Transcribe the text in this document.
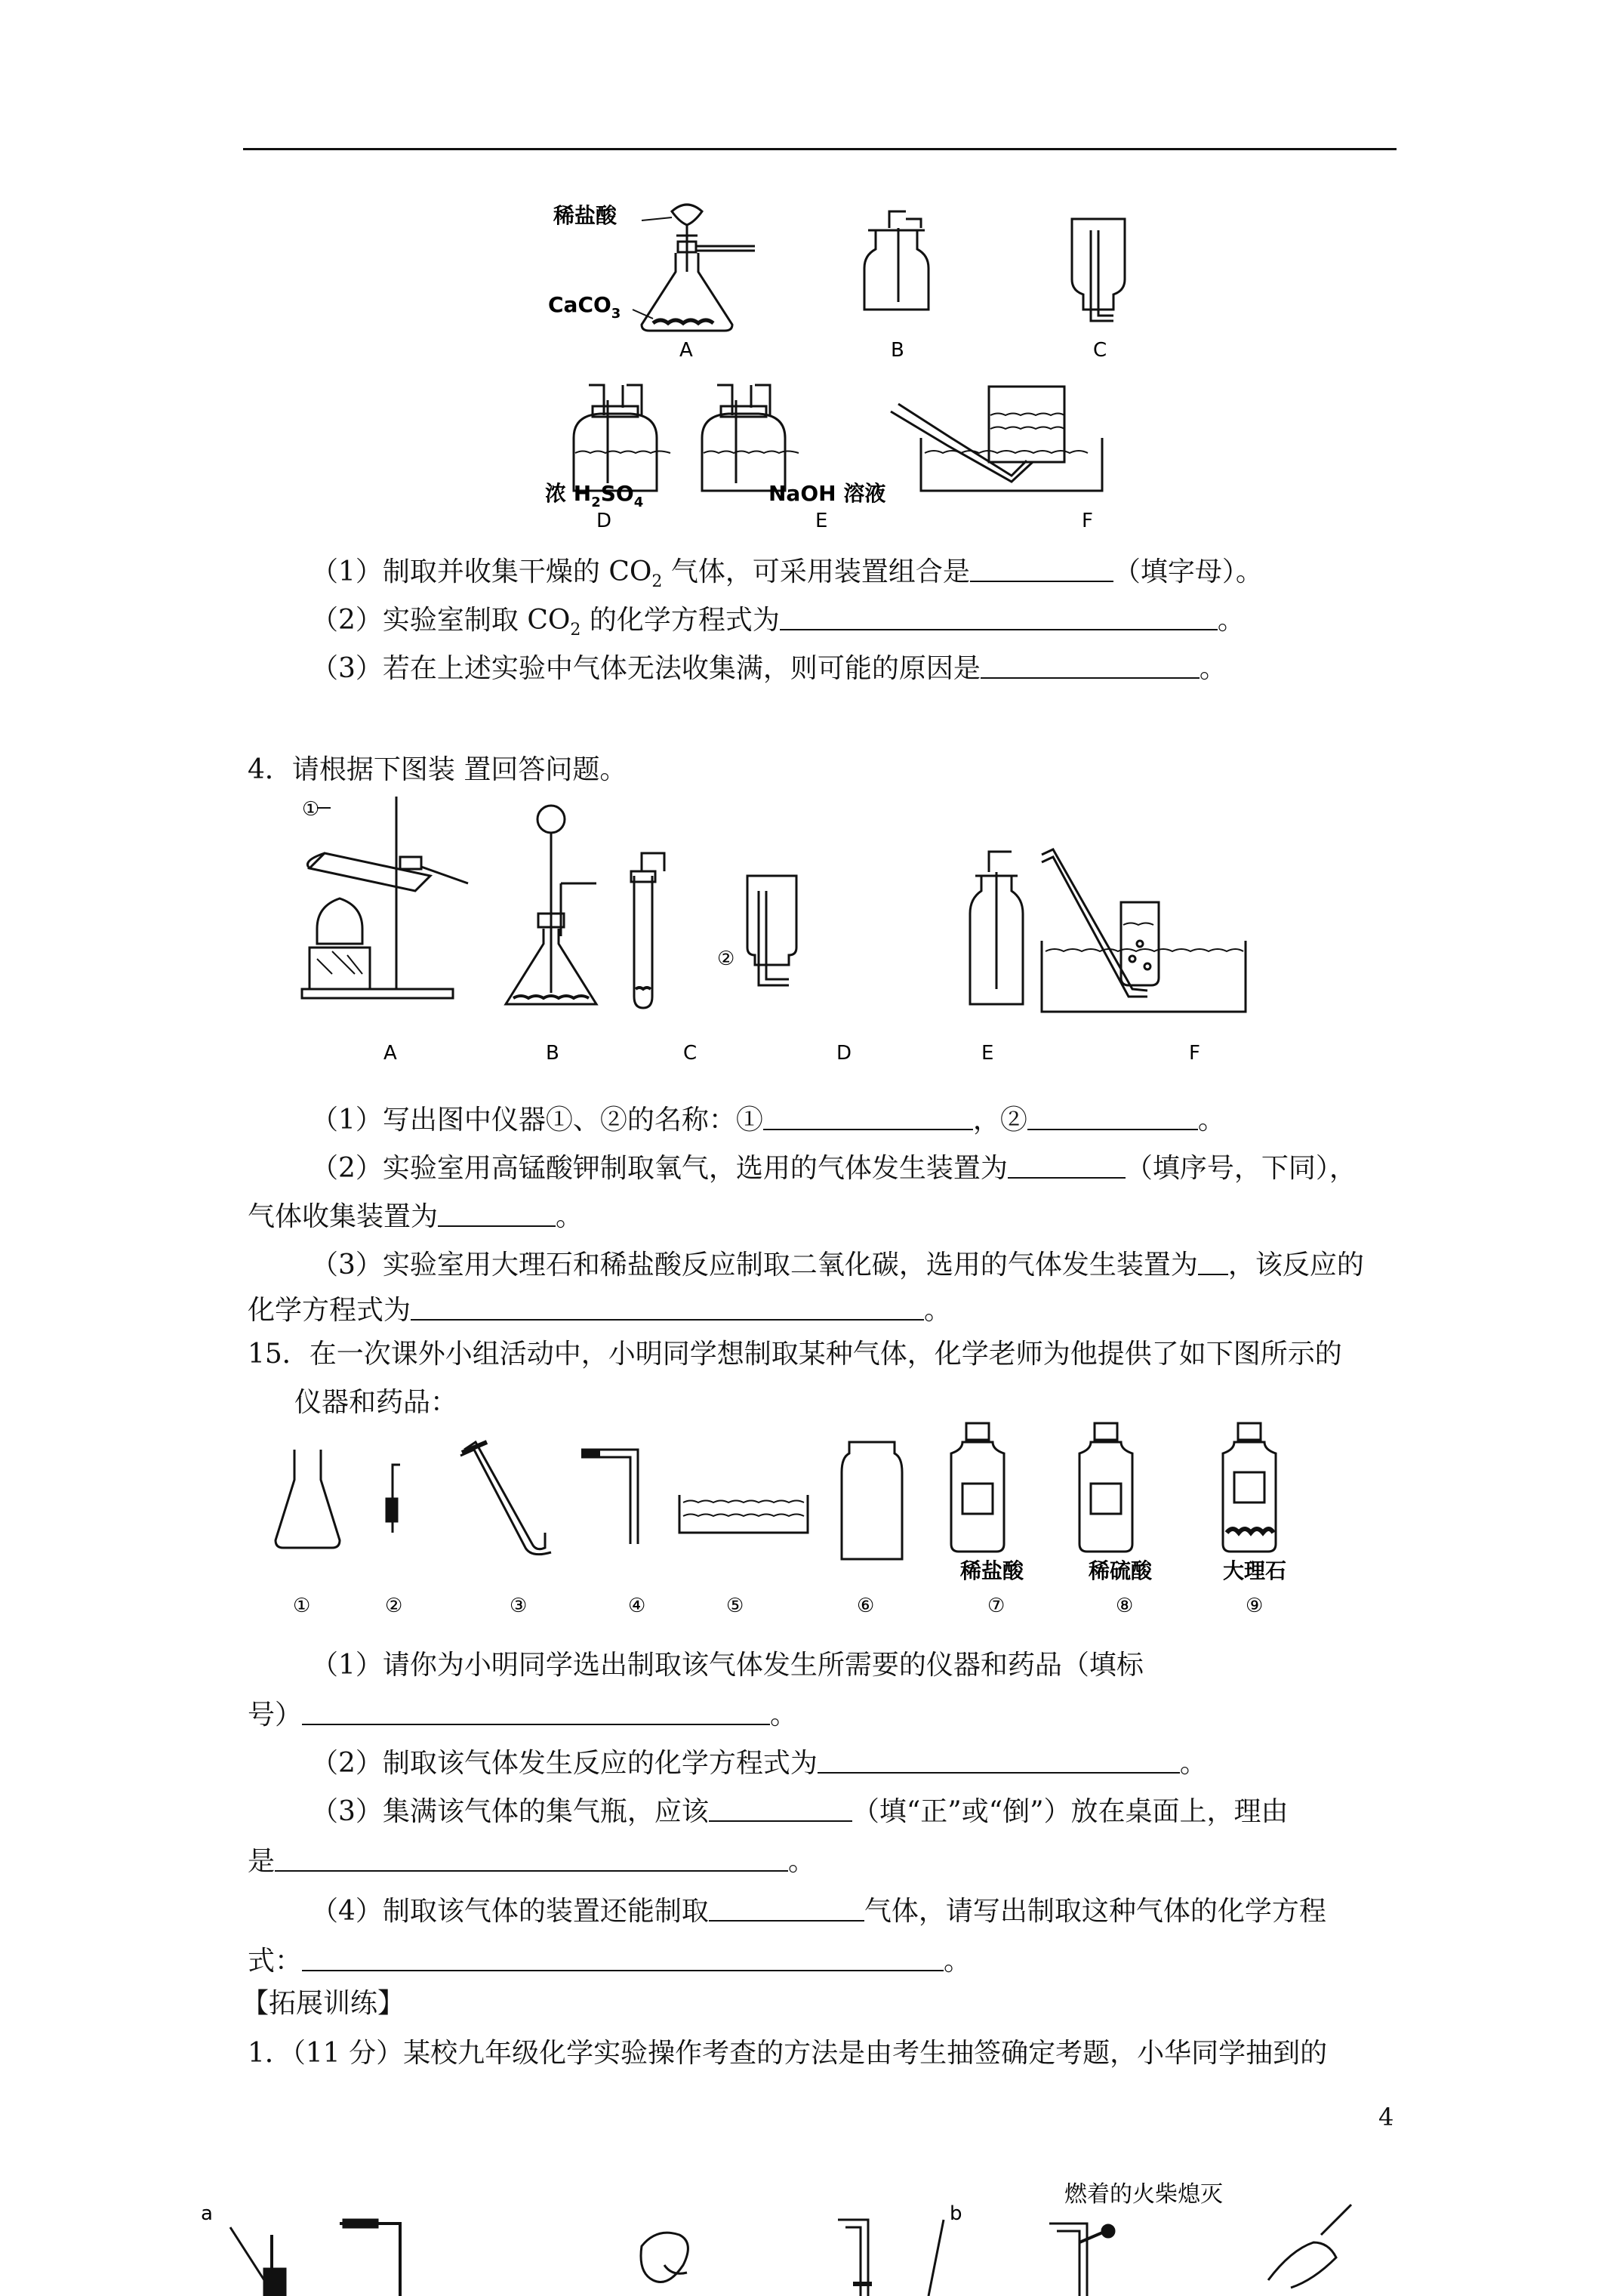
稀盐酸
CaCO$_3$
A	B	C
浓 $H_2SO_4$
D
NaOH 溶液
E	F
（1）制取并收集干燥的 $CO_2$ 气体，可采用装置组合是	（填字母）。
（2）实验室制取 $CO_2$ 的化学方程式为	。
（3）若在上述实验中气体无法收集满，则可能的原因是	。
4．请根据下图装 置回答问题。
①
②
A	B	C	D	E	F
（1）写出图中仪器①、②的名称：①	，②	。
（2）实验室用高锰酸钾制取氧气，选用的气体发生装置为	（填序号，下同），
气体收集装置为	。
（3）实验室用大理石和稀盐酸反应制取二氧化碳，选用的气体发生装置为 ，该反应的
化学方程式为	。
15．在一次课外小组活动中，小明同学想制取某种气体，化学老师为他提供了如下图所示的
仪器和药品：
稀盐酸	稀硫酸	大理石
①	②	③	④	⑤	⑥	⑦	⑧	⑨
（1）请你为小明同学选出制取该气体发生所需要的仪器和药品（填标
号）	。
（2）制取该气体发生反应的化学方程式为	。
（3）集满该气体的集气瓶，应该	（填“正”或“倒”）放在桌面上，理由
是	。
（4）制取该气体的装置还能制取	气体，请写出制取这种气体的化学方程
式：	。
【拓展训练】
1．（11 分）某校九年级化学实验操作考查的方法是由考生抽签确定考题，小华同学抽到的
4
a	b
燃着的火柴熄灭
